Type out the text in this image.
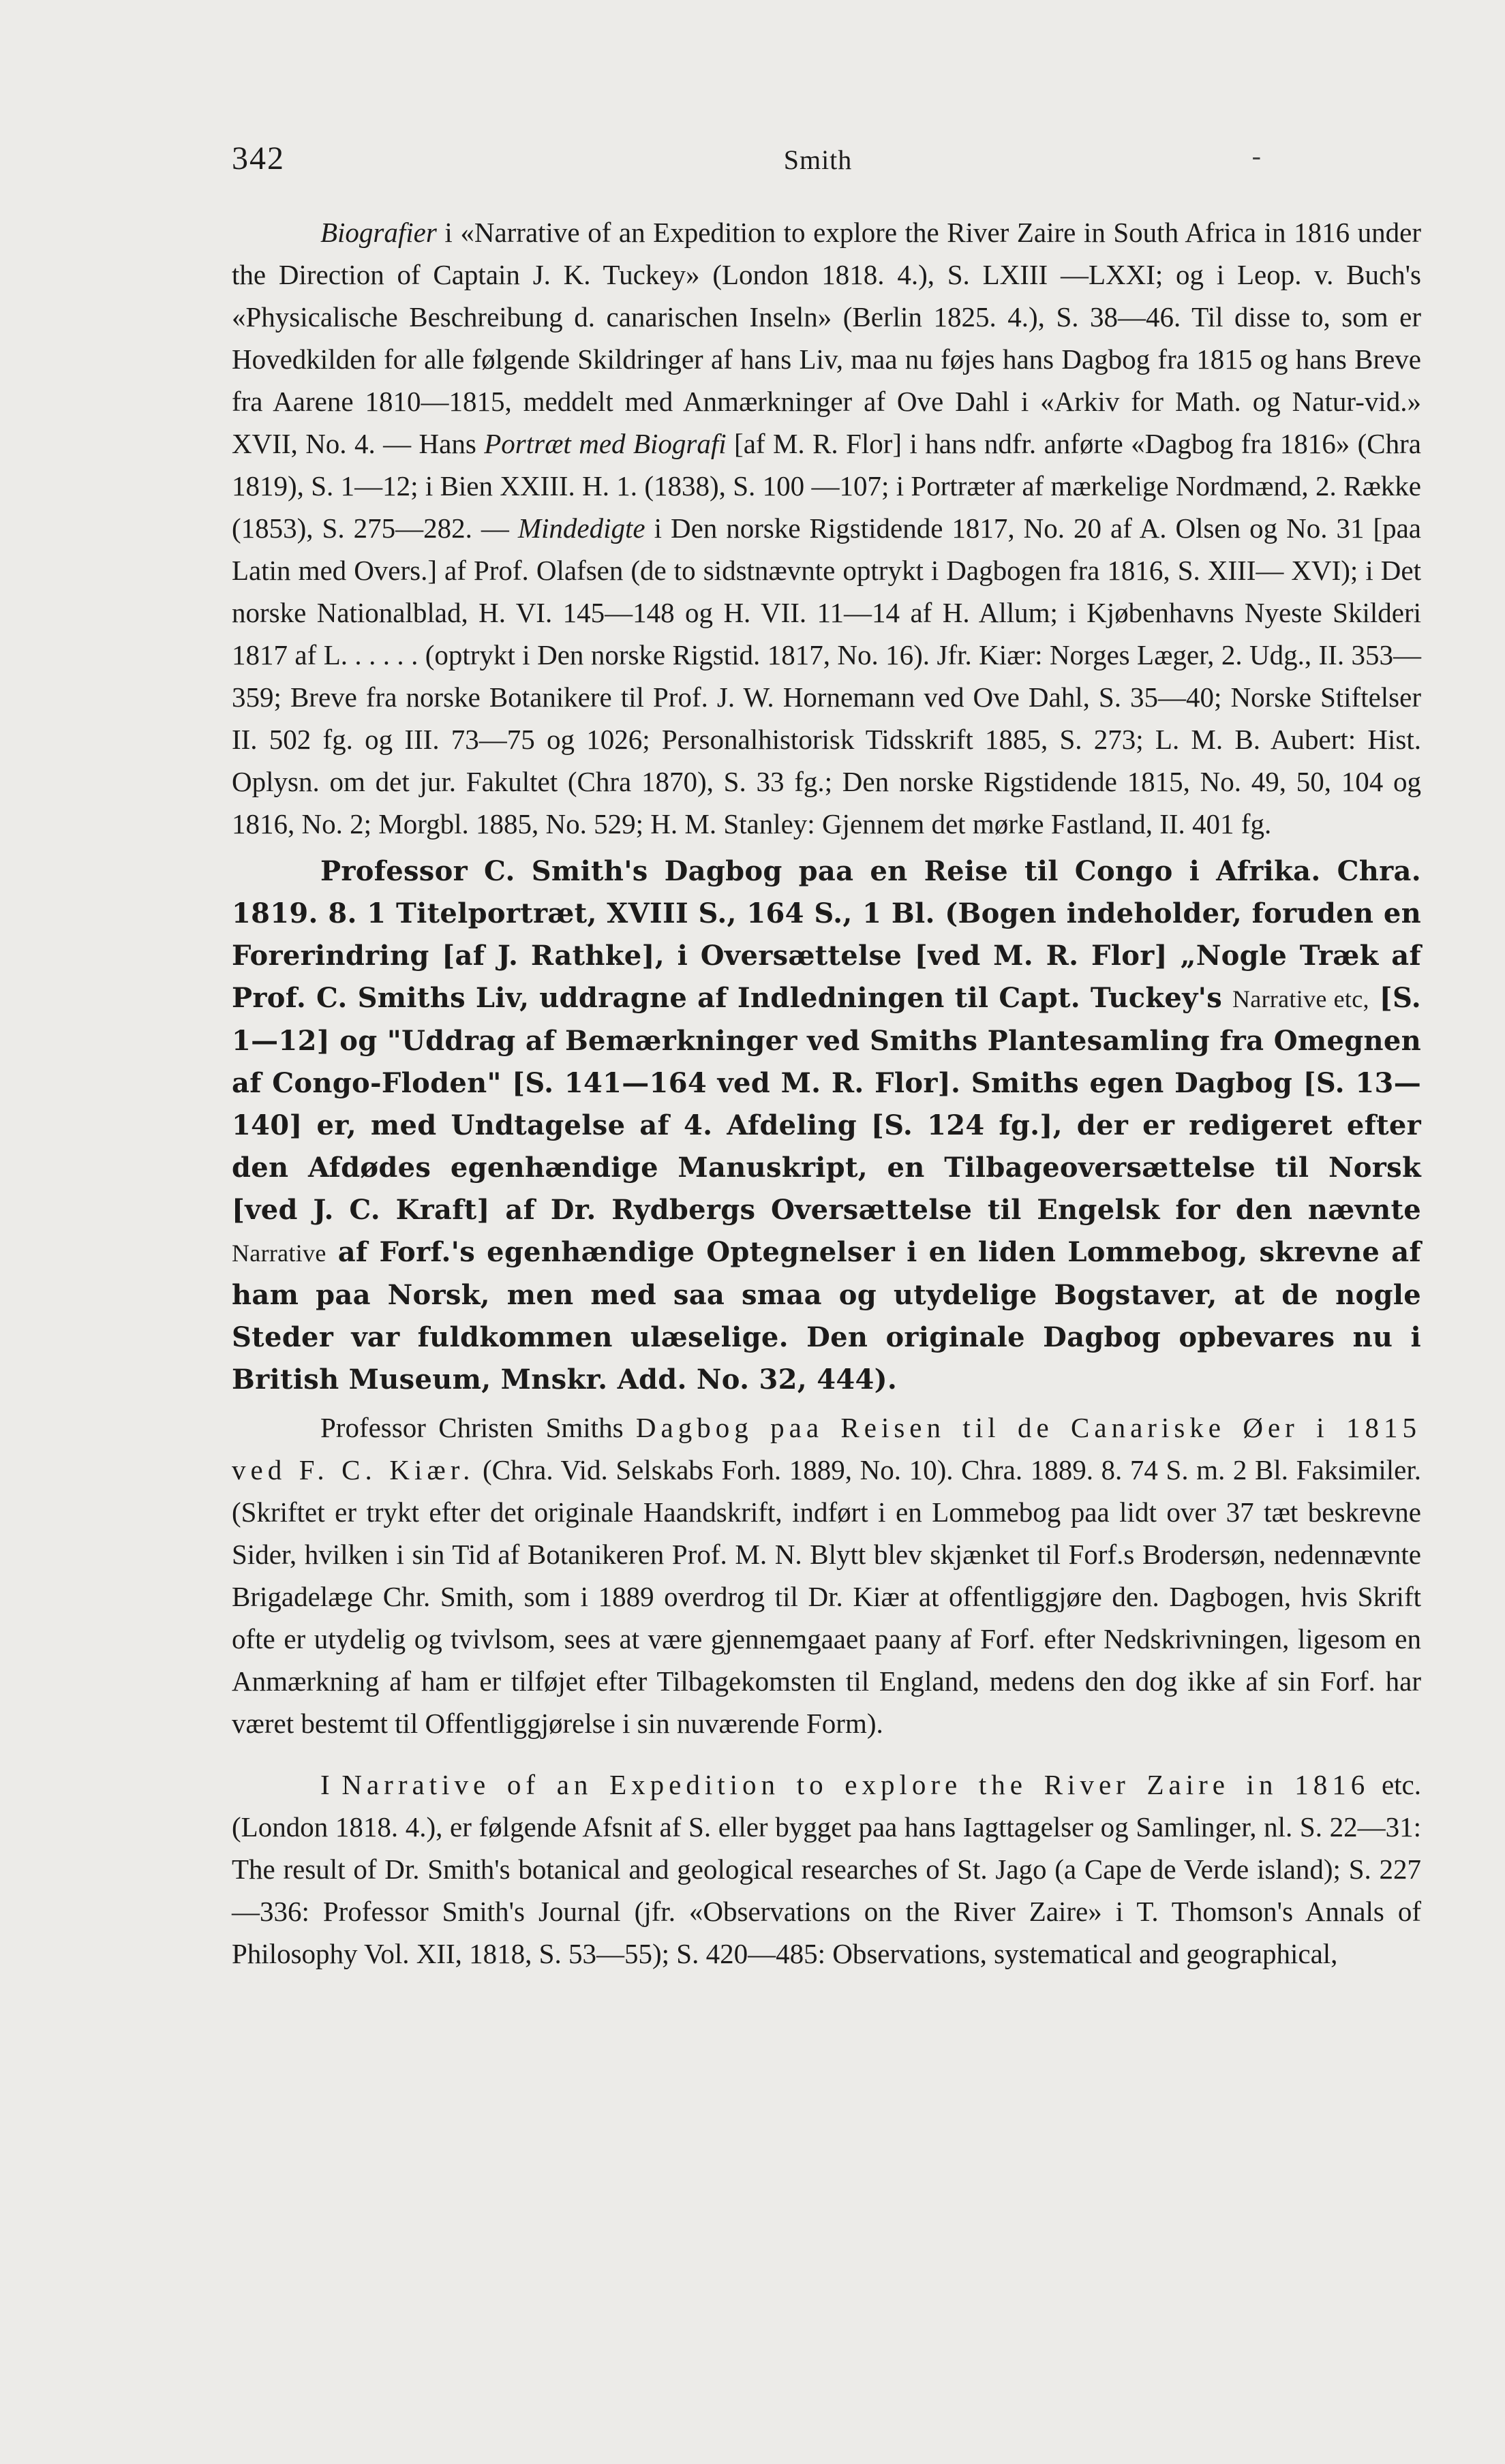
342	Smith	-

Biografier i «Narrative of an Expedition to explore the River Zaire in South Africa in 1816 under the Direction of Captain J. K. Tuckey» (London 1818. 4.), S. LXIII —LXXI; og i Leop. v. Buch's «Physicalische Beschreibung d. canarischen Inseln» (Berlin 1825. 4.), S. 38—46. Til disse to, som er Hovedkilden for alle følgende Skildringer af hans Liv, maa nu føjes hans Dagbog fra 1815 og hans Breve fra Aarene 1810—1815, meddelt med Anmærkninger af Ove Dahl i «Arkiv for Math. og Natur-vid.» XVII, No. 4. — Hans Portræt med Biografi [af M. R. Flor] i hans ndfr. anførte «Dagbog fra 1816» (Chra 1819), S. 1—12; i Bien XXIII. H. 1. (1838), S. 100 —107; i Portræter af mærkelige Nordmænd, 2. Række (1853), S. 275—282. — Mindedigte i Den norske Rigstidende 1817, No. 20 af A. Olsen og No. 31 [paa Latin med Overs.] af Prof. Olafsen (de to sidstnævnte optrykt i Dagbogen fra 1816, S. XIII— XVI); i Det norske Nationalblad, H. VI. 145—148 og H. VII. 11—14 af H. Allum; i Kjøbenhavns Nyeste Skilderi 1817 af L. . . . . . (optrykt i Den norske Rigstid. 1817, No. 16). Jfr. Kiær: Norges Læger, 2. Udg., II. 353—359; Breve fra norske Botanikere til Prof. J. W. Hornemann ved Ove Dahl, S. 35—40; Norske Stiftelser II. 502 fg. og III. 73—75 og 1026; Personalhistorisk Tidsskrift 1885, S. 273; L. M. B. Aubert: Hist. Oplysn. om det jur. Fakultet (Chra 1870), S. 33 fg.; Den norske Rigstidende 1815, No. 49, 50, 104 og 1816, No. 2; Morgbl. 1885, No. 529; H. M. Stanley: Gjennem det mørke Fastland, II. 401 fg.

Professor C. Smith's Dagbog paa en Reise til Congo i Afrika. Chra. 1819. 8. 1 Titelportræt, XVIII S., 164 S., 1 Bl. (Bogen indeholder, foruden en Forerindring [af J. Rathke], i Oversættelse [ved M. R. Flor] „Nogle Træk af Prof. C. Smiths Liv, uddragne af Indledningen til Capt. Tuckey's Narrative etc, [S. 1—12] og "Uddrag af Bemærkninger ved Smiths Plantesamling fra Omegnen af Congo-Floden" [S. 141—164 ved M. R. Flor]. Smiths egen Dagbog [S. 13—140] er, med Undtagelse af 4. Afdeling [S. 124 fg.], der er redigeret efter den Afdødes egenhændige Manuskript, en Tilbageoversættelse til Norsk [ved J. C. Kraft] af Dr. Rydbergs Oversættelse til Engelsk for den nævnte Narrative af Forf.'s egenhændige Optegnelser i en liden Lommebog, skrevne af ham paa Norsk, men med saa smaa og utydelige Bogstaver, at de nogle Steder var fuldkommen ulæselige. Den originale Dagbog opbevares nu i British Museum, Mnskr. Add. No. 32, 444).

Professor Christen Smiths Dagbog paa Reisen til de Canariske Øer i 1815 ved F. C. Kiær. (Chra. Vid. Selskabs Forh. 1889, No. 10). Chra. 1889. 8. 74 S. m. 2 Bl. Faksimiler. (Skriftet er trykt efter det originale Haandskrift, indført i en Lommebog paa lidt over 37 tæt beskrevne Sider, hvilken i sin Tid af Botanikeren Prof. M. N. Blytt blev skjænket til Forf.s Brodersøn, nedennævnte Brigadelæge Chr. Smith, som i 1889 overdrog til Dr. Kiær at offentliggjøre den. Dagbogen, hvis Skrift ofte er utydelig og tvivlsom, sees at være gjennemgaaet paany af Forf. efter Nedskrivningen, ligesom en Anmærkning af ham er tilføjet efter Tilbagekomsten til England, medens den dog ikke af sin Forf. har været bestemt til Offentliggjørelse i sin nuværende Form).

I Narrative of an Expedition to explore the River Zaire in 1816 etc. (London 1818. 4.), er følgende Afsnit af S. eller bygget paa hans Iagttagelser og Samlinger, nl. S. 22—31: The result of Dr. Smith's botanical and geological researches of St. Jago (a Cape de Verde island); S. 227—336: Professor Smith's Journal (jfr. «Observations on the River Zaire» i T. Thomson's Annals of Philosophy Vol. XII, 1818, S. 53—55); S. 420—485: Observations, systematical and geographical,
